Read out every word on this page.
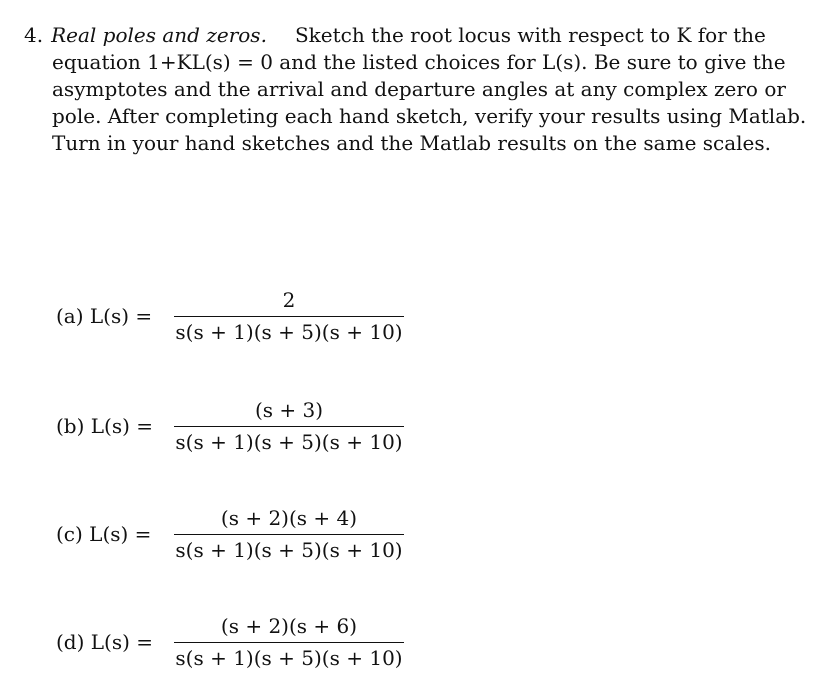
4. Real poles and zeros. Sketch the root locus with respect to K for the
equation 1+KL(s) = 0 and the listed choices for L(s). Be sure to give the
asymptotes and the arrival and departure angles at any complex zero or
pole. After completing each hand sketch, verify your results using Matlab.
Turn in your hand sketches and the Matlab results on the same scales.
(a) L(s) =
2
s(s + 1)(s + 5)(s + 10)
(b) L(s) =
(s + 3)
s(s + 1)(s + 5)(s + 10)
(c) L(s) =
(s + 2)(s + 4)
s(s + 1)(s + 5)(s + 10)
(d) L(s) =
(s + 2)(s + 6)
s(s + 1)(s + 5)(s + 10)
